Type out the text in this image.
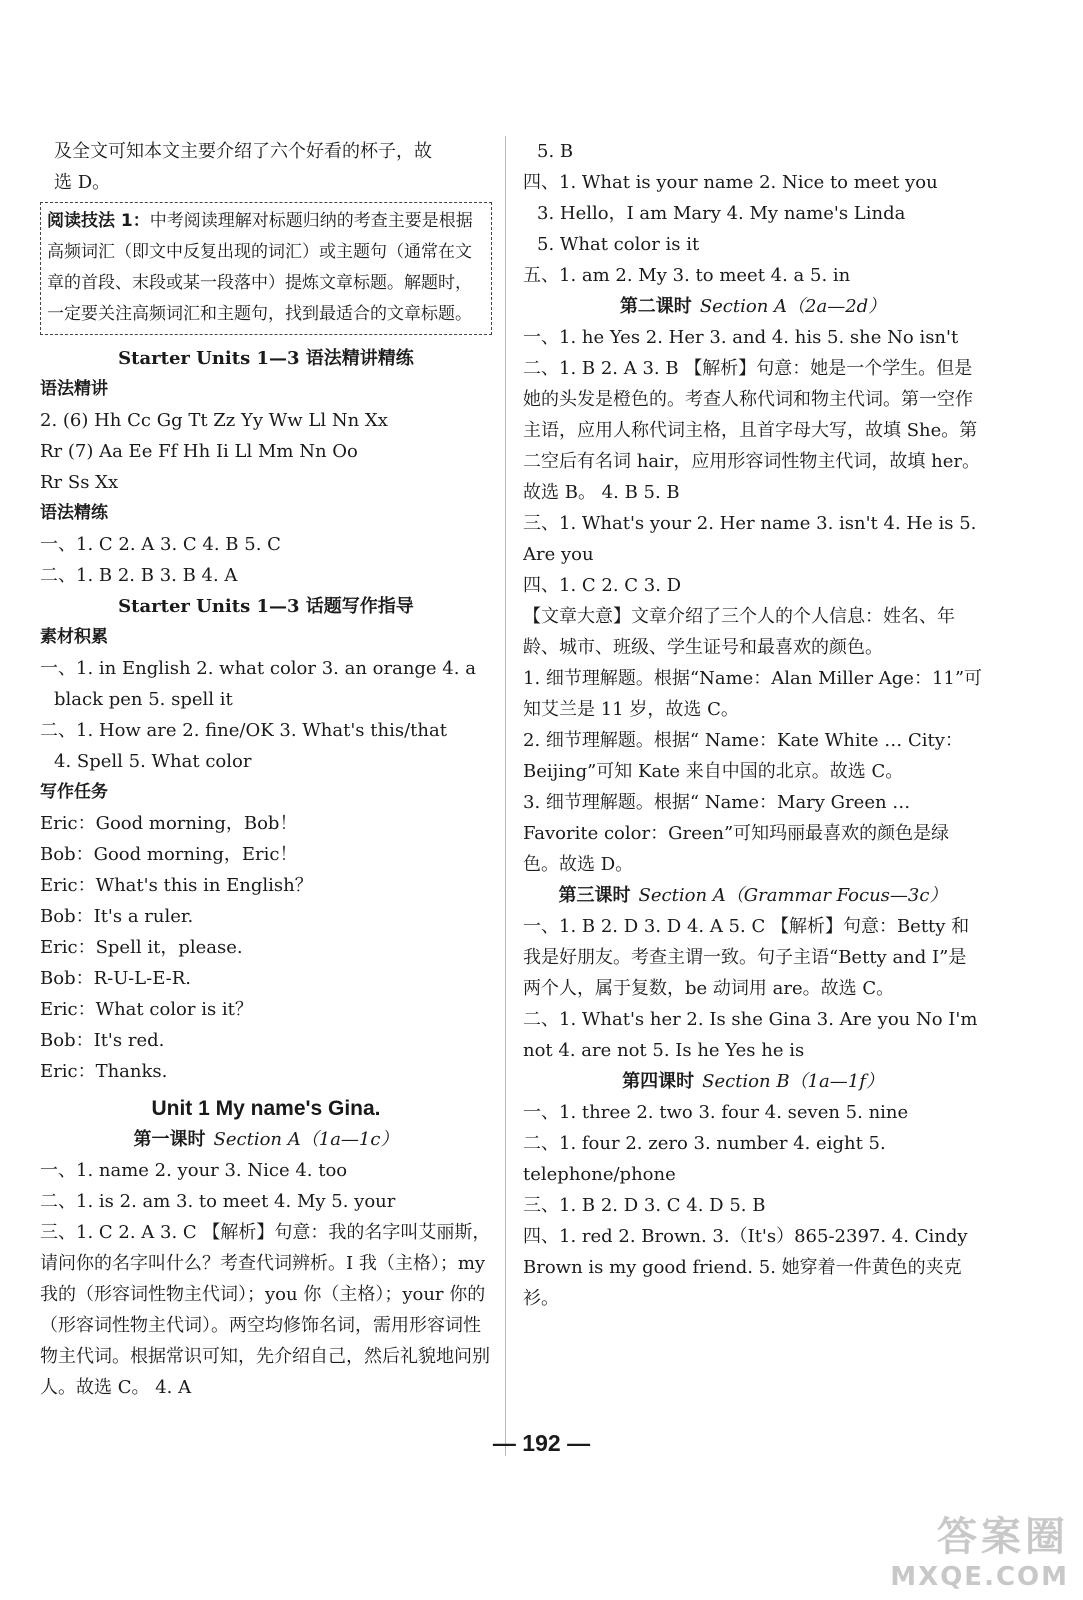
及全文可知本文主要介绍了六个好看的杯子，故
选 D。
阅读技法 1：中考阅读理解对标题归纳的考查主要是根据高频词汇（即文中反复出现的词汇）或主题句（通常在文章的首段、末段或某一段落中）提炼文章标题。解题时，一定要关注高频词汇和主题句，找到最适合的文章标题。
Starter Units 1—3 语法精讲精练
语法精讲
2. (6) Hh Cc Gg Tt Zz Yy Ww Ll Nn Xx
Rr (7) Aa Ee Ff Hh Ii Ll Mm Nn Oo
Rr Ss Xx
语法精练
一、1. C 2. A 3. C 4. B 5. C
二、1. B 2. B 3. B 4. A
Starter Units 1—3 话题写作指导
素材积累
一、1. in English 2. what color 3. an orange 4. a
black pen 5. spell it
二、1. How are 2. fine/OK 3. What's this/that
4. Spell 5. What color
写作任务
Eric：Good morning，Bob！
Bob：Good morning，Eric！
Eric：What's this in English？
Bob：It's a ruler.
Eric：Spell it，please.
Bob：R-U-L-E-R.
Eric：What color is it？
Bob：It's red.
Eric：Thanks.
Unit 1 My name's Gina.
第一课时 Section A（1a—1c）
一、1. name 2. your 3. Nice 4. too
二、1. is 2. am 3. to meet 4. My 5. your
三、1. C 2. A 3. C 【解析】句意：我的名字叫艾丽斯，请问你的名字叫什么？考查代词辨析。I 我（主格）；my 我的（形容词性物主代词）；you 你（主格）；your 你的（形容词性物主代词）。两空均修饰名词，需用形容词性物主代词。根据常识可知，先介绍自己，然后礼貌地问别人。故选 C。 4. A
5. B
四、1. What is your name 2. Nice to meet you
3. Hello，I am Mary 4. My name's Linda
5. What color is it
五、1. am 2. My 3. to meet 4. a 5. in
第二课时 Section A（2a—2d）
一、1. he Yes 2. Her 3. and 4. his 5. she No isn't
二、1. B 2. A 3. B 【解析】句意：她是一个学生。但是她的头发是橙色的。考查人称代词和物主代词。第一空作主语，应用人称代词主格，且首字母大写，故填 She。第二空后有名词 hair，应用形容词性物主代词，故填 her。故选 B。 4. B 5. B
三、1. What's your 2. Her name 3. isn't 4. He is 5. Are you
四、1. C 2. C 3. D
【文章大意】文章介绍了三个人的个人信息：姓名、年龄、城市、班级、学生证号和最喜欢的颜色。
1. 细节理解题。根据“Name：Alan Miller Age：11”可知艾兰是 11 岁，故选 C。
2. 细节理解题。根据“ Name：Kate White … City：Beijing”可知 Kate 来自中国的北京。故选 C。
3. 细节理解题。根据“ Name：Mary Green … Favorite color：Green”可知玛丽最喜欢的颜色是绿色。故选 D。
第三课时 Section A（Grammar Focus—3c）
一、1. B 2. D 3. D 4. A 5. C 【解析】句意：Betty 和我是好朋友。考查主谓一致。句子主语“Betty and I”是两个人，属于复数，be 动词用 are。故选 C。
二、1. What's her 2. Is she Gina 3. Are you No I'm not 4. are not 5. Is he Yes he is
第四课时 Section B（1a—1f）
一、1. three 2. two 3. four 4. seven 5. nine
二、1. four 2. zero 3. number 4. eight 5. telephone/phone
三、1. B 2. D 3. C 4. D 5. B
四、1. red 2. Brown. 3.（It's）865-2397. 4. Cindy Brown is my good friend. 5. 她穿着一件黄色的夹克衫。
— 192 —
答案圈
MXQE.COM
